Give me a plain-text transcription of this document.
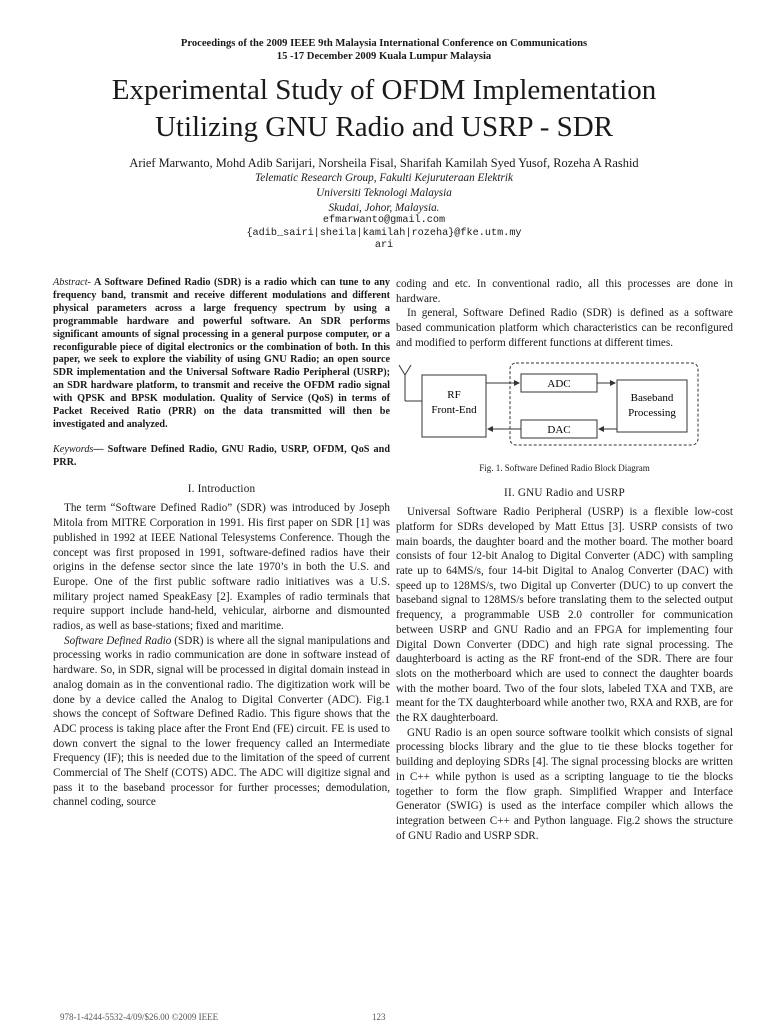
Proceedings of the 2009 IEEE 9th Malaysia International Conference on Communications
15 -17 December 2009 Kuala Lumpur Malaysia
Experimental Study of OFDM Implementation
Utilizing GNU Radio and USRP - SDR
Arief Marwanto, Mohd Adib Sarijari, Norsheila Fisal, Sharifah Kamilah Syed Yusof, Rozeha A Rashid
Telematic Research Group, Fakulti Kejuruteraan Elektrik
Universiti Teknologi Malaysia
Skudai, Johor, Malaysia.
efmarwanto@gmail.com
{adib_sairi|sheila|kamilah|rozeha}@fke.utm.my
ari

Abstract- A Software Defined Radio (SDR) is a radio which can tune to any frequency band, transmit and receive different modulations and different physical parameters across a large frequency spectrum by using a programmable hardware and powerful software. An SDR performs significant amounts of signal processing in a general purpose computer, or a reconfigurable piece of digital electronics or the combination of both. In this paper, we seek to explore the viability of using GNU Radio; an open source SDR implementation and the Universal Software Radio Peripheral (USRP); an SDR hardware platform, to transmit and receive the OFDM radio signal with QPSK and BPSK modulation. Quality of Service (QoS) in terms of Packet Received Ratio (PRR) on the data transmitted will then be investigated and analyzed.

Keywords— Software Defined Radio, GNU Radio, USRP, OFDM, QoS and PRR.

I. Introduction

The term “Software Defined Radio” (SDR) was introduced by Joseph Mitola from MITRE Corporation in 1991. His first paper on SDR [1] was published in 1992 at IEEE National Telesystems Conference. Though the concept was first proposed in 1991, software-defined radios have their origins in the defense sector since the late 1970’s in both the U.S. and Europe. One of the first public software radio initiatives was a U.S. military project named SpeakEasy [2]. Examples of radio terminals that require support include hand-held, vehicular, airborne and dismounted radios, as well as base-stations; fixed and maritime.

Software Defined Radio (SDR) is where all the signal manipulations and processing works in radio communication are done in software instead of hardware. So, in SDR, signal will be processed in digital domain instead in analog domain as in the conventional radio. The digitization work will be done by a device called the Analog to Digital Converter (ADC). Fig.1 shows the concept of Software Defined Radio. This figure shows that the ADC process is taking place after the Front End (FE) circuit. FE is used to down convert the signal to the lower frequency called an Intermediate Frequency (IF); this is needed due to the limitation of the speed of current Commercial of The Shelf (COTS) ADC. The ADC will digitize signal and pass it to the baseband processor for further processes; demodulation, channel coding, source

coding and etc. In conventional radio, all this processes are done in hardware.

In general, Software Defined Radio (SDR) is defined as a software based communication platform which characteristics can be reconfigured and modified to perform different functions at different times.

RF
Front-End
ADC
DAC
Baseband
Processing
Fig. 1. Software Defined Radio Block Diagram
II. GNU Radio and USRP

Universal Software Radio Peripheral (USRP) is a flexible low-cost platform for SDRs developed by Matt Ettus [3]. USRP consists of two main boards, the daughter board and the mother board. The mother board consists of four 12-bit Analog to Digital Converter (ADC) with sampling rate up to 64MS/s, four 14-bit Digital to Analog Converter (DAC) with speed up to 128MS/s, two Digital up Converter (DUC) to up convert the baseband signal to 128MS/s before translating them to the selected output frequency, a programmable USB 2.0 controller for communication between USRP and GNU Radio and an FPGA for implementing four Digital Down Converter (DDC) and high rate signal processing. The daughterboard is acting as the RF front-end of the SDR. There are four slots on the motherboard which are used to connect the daughter boards with the mother board. Two of the four slots, labeled TXA and TXB, are meant for the TX daughterboard while another two, RXA and RXB, are for the RX daughterboard.

GNU Radio is an open source software toolkit which consists of signal processing blocks library and the glue to tie these blocks together for building and deploying SDRs [4]. The signal processing blocks are written in C++ while python is used as a scripting language to tie the blocks together to form the flow graph. Simplified Wrapper and Interface Generator (SWIG) is used as the interface compiler which allows the integration between C++ and Python language. Fig.2 shows the structure of GNU Radio and USRP SDR.

978-1-4244-5532-4/09/$26.00 ©2009 IEEE	123
